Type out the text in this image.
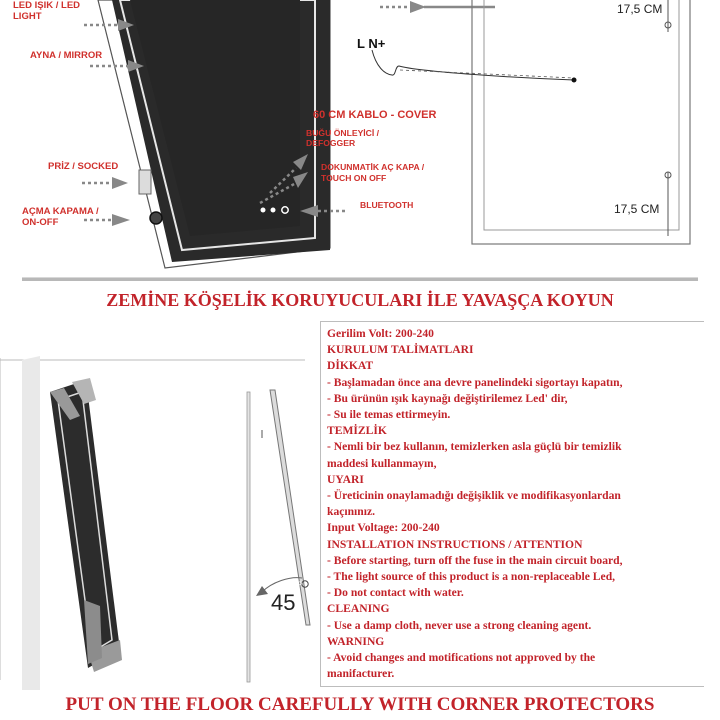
LED IŞIK / LED
LIGHT
AYNA / MIRROR
PRİZ / SOCKED
AÇMA KAPAMA /
ON-OFF
60 CM KABLO - COVER
BUĞU ÖNLEYİCİ /
DEFOGGER
DOKUNMATİK AÇ KAPA /
TOUCH ON OFF
BLUETOOTH
17,5 CM
17,5 CM
L N+
ZEMİNE KÖŞELİK KORUYUCULARI İLE YAVAŞÇA KOYUN
45
°
Gerilim Volt: 200-240
KURULUM TALİMATLARI
DİKKAT
- Başlamadan önce ana devre panelindeki sigortayı kapatın,
- Bu ürünün ışık kaynağı değiştirilemez Led' dir,
- Su ile temas ettirmeyin.
TEMİZLİK
- Nemli bir bez kullanın, temizlerken asla güçlü bir temizlik
maddesi kullanmayın,
UYARI
- Üreticinin onaylamadığı değişiklik ve modifikasyonlardan
kaçınınız.
Input Voltage: 200-240
INSTALLATION INSTRUCTIONS / ATTENTION
- Before starting, turn off the fuse in the main circuit board,
- The light source of this product is a non-replaceable Led,
- Do not contact with water.
CLEANING
- Use a damp cloth, never use a strong cleaning agent.
WARNING
- Avoid changes and motifications not approved by the
manifacturer.
PUT ON THE FLOOR CAREFULLY WITH CORNER PROTECTORS
